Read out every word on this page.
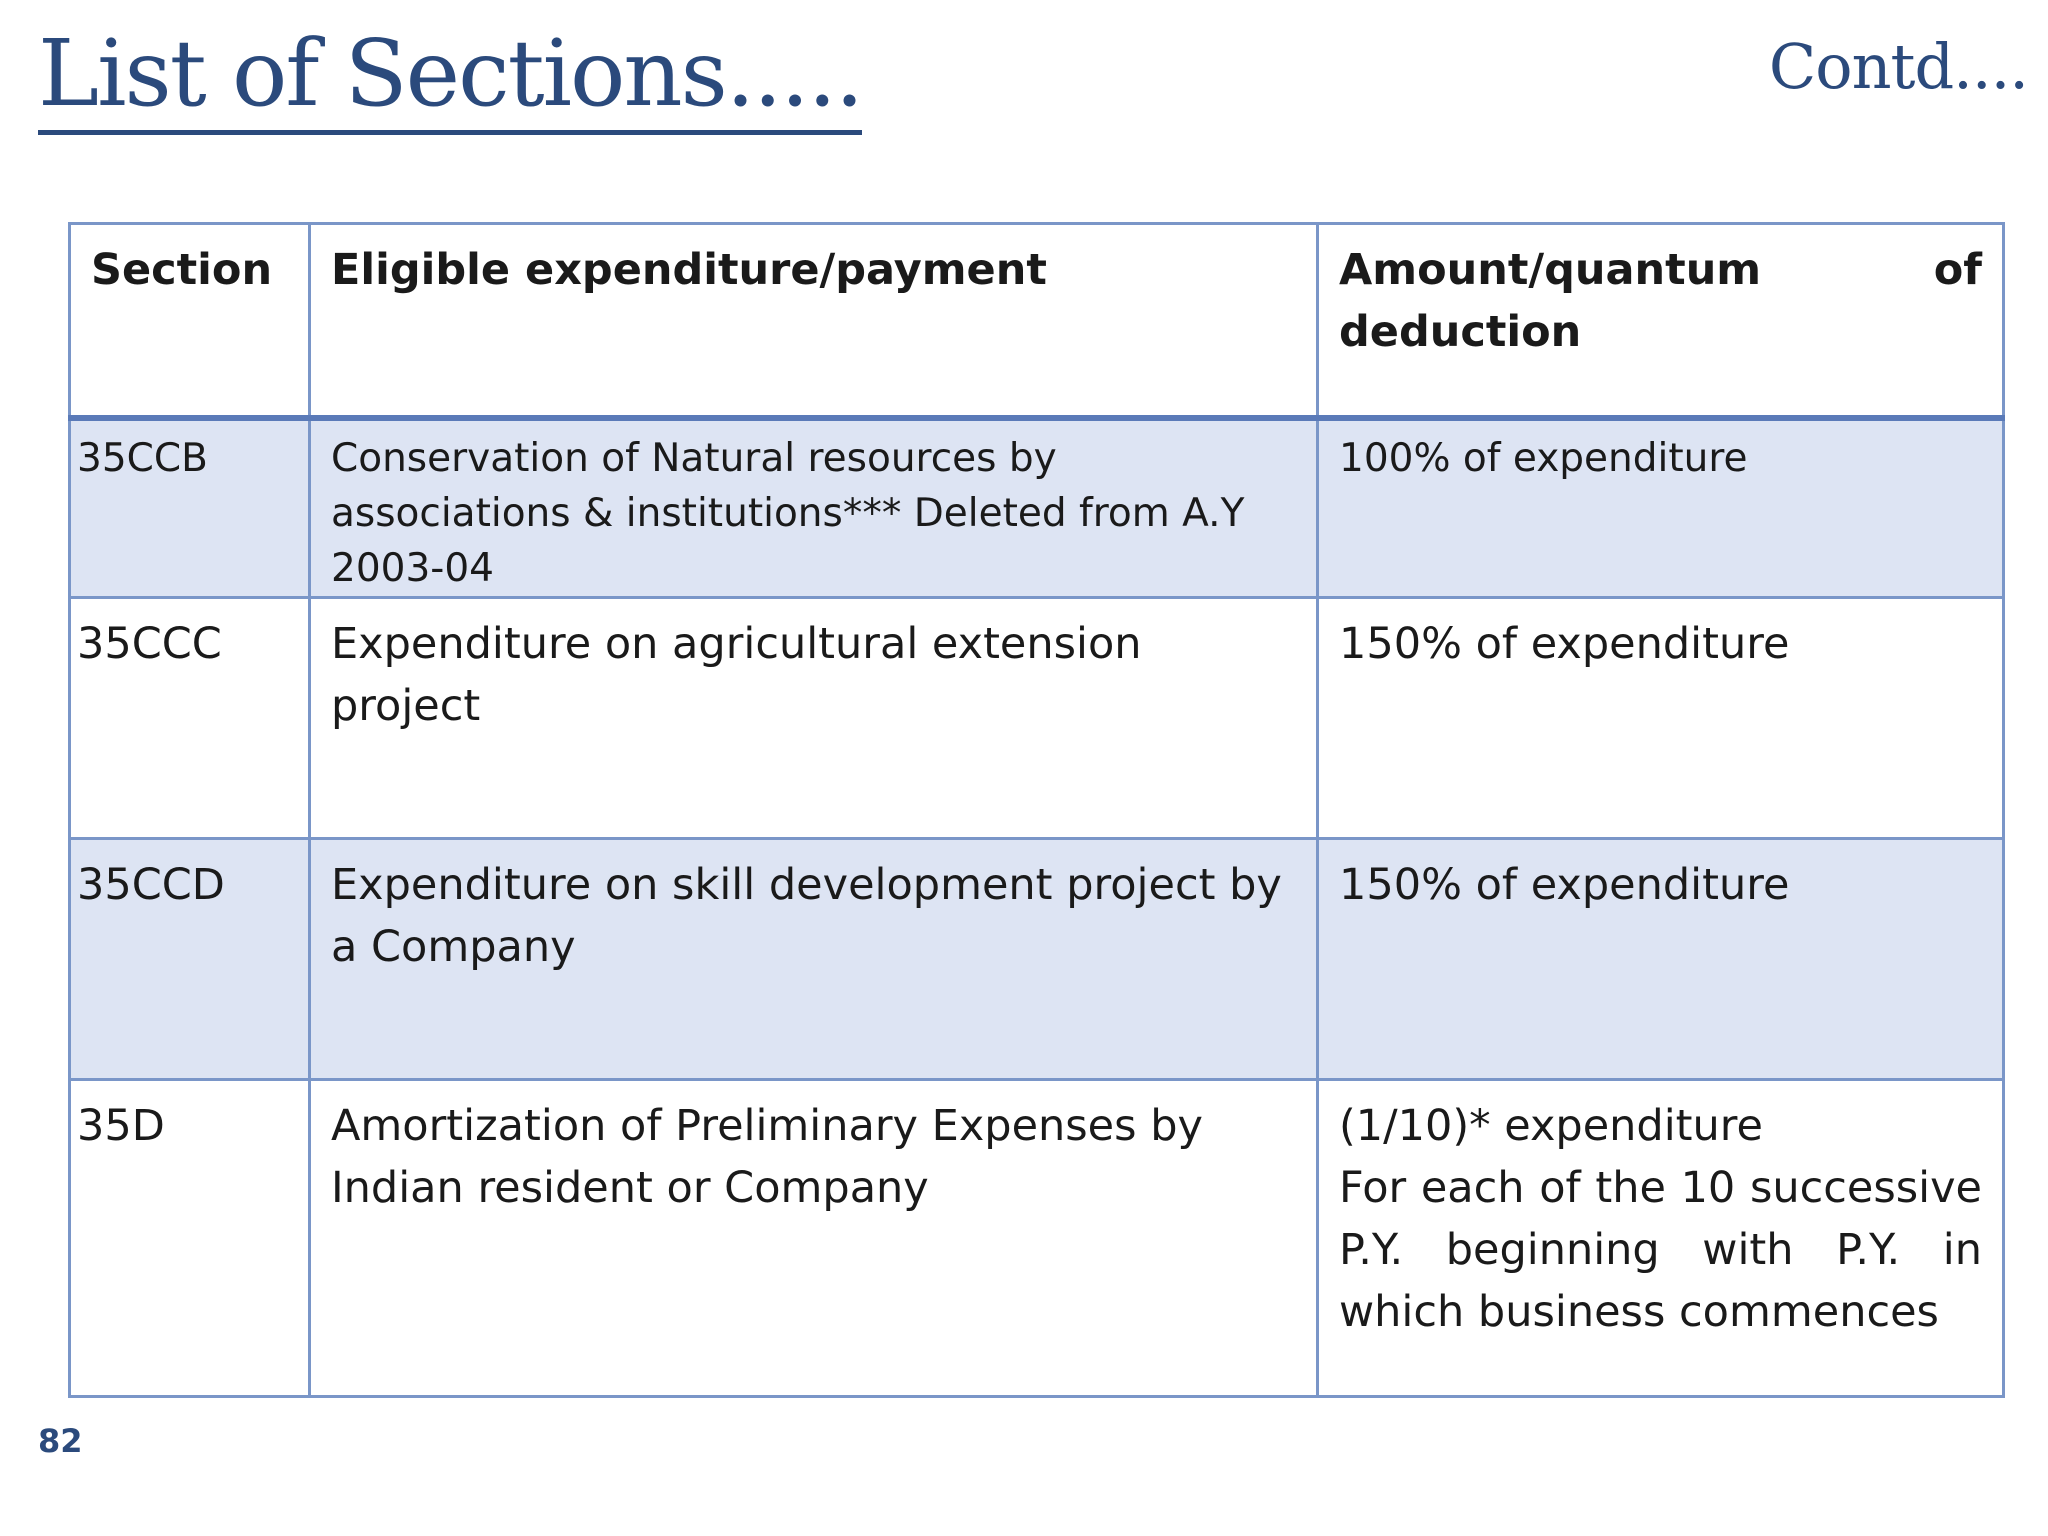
List of Sections.....	Contd....
Section	Eligible expenditure/payment	Amount/quantum of deduction

35CCB	Conservation of Natural resources by associations & institutions*** Deleted from A.Y 2003-04	100% of expenditure
35CCC	Expenditure on agricultural extension project	150% of expenditure
35CCD	Expenditure on skill development project by a Company	150% of expenditure
35D	Amortization of Preliminary Expenses by Indian resident or Company	(1/10)* expenditure
For each of the 10 successive P.Y. beginning with P.Y. in which business commences
82
